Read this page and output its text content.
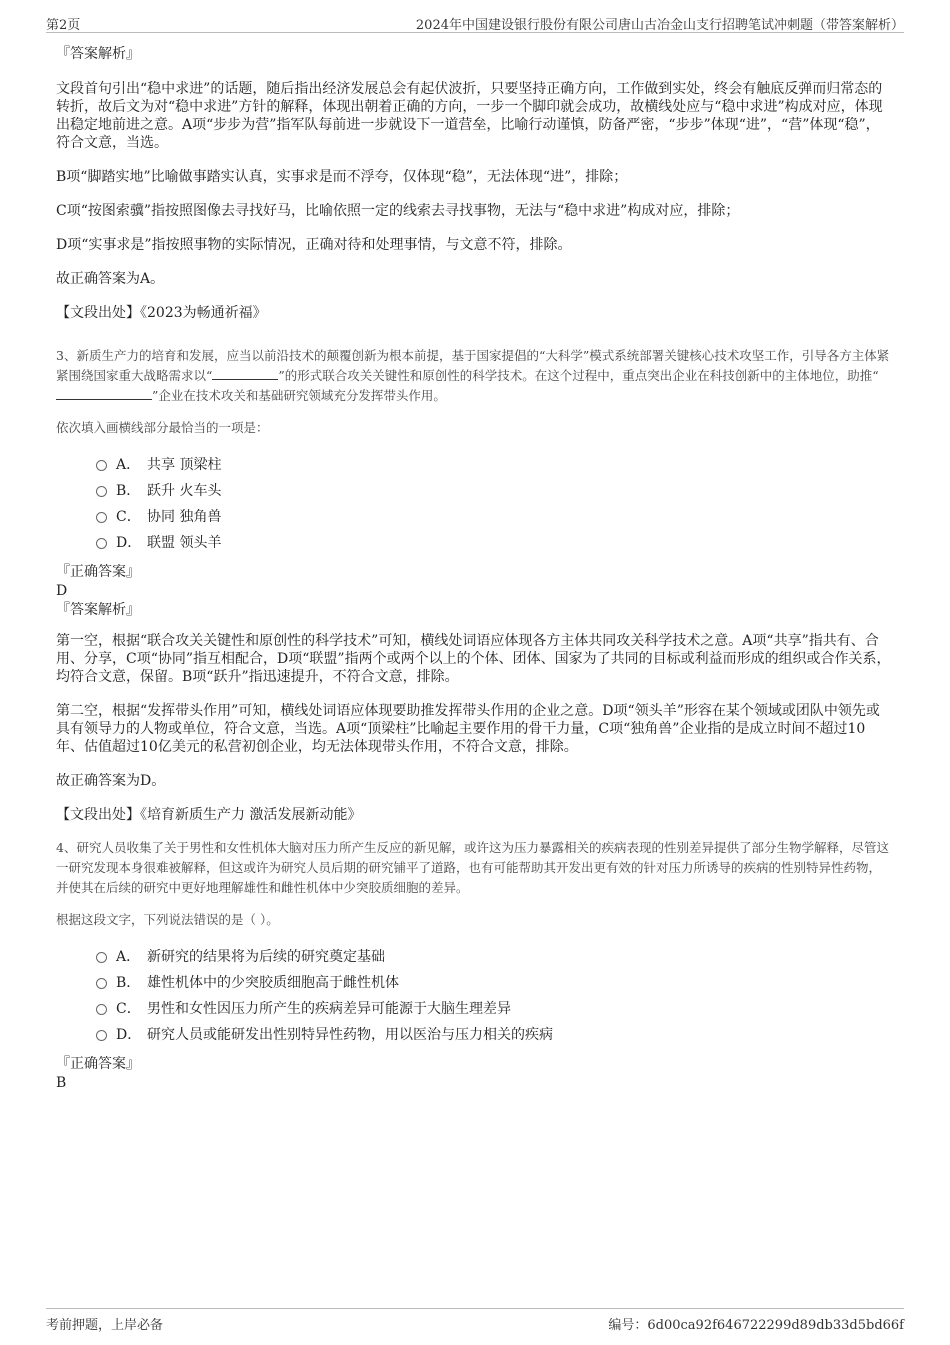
第2页	2024年中国建设银行股份有限公司唐山古冶金山支行招聘笔试冲刺题（带答案解析）
『答案解析』

文段首句引出“稳中求进”的话题，随后指出经济发展总会有起伏波折，只要坚持正确方向，工作做到实处，终会有触底反弹而归常态的转折，故后文为对“稳中求进”方针的解释，体现出朝着正确的方向，一步一个脚印就会成功，故横线处应与“稳中求进”构成对应，体现出稳定地前进之意。A项“步步为营”指军队每前进一步就设下一道营垒，比喻行动谨慎，防备严密，“步步”体现“进”，“营”体现“稳”，符合文意，当选。

B项“脚踏实地”比喻做事踏实认真，实事求是而不浮夸，仅体现“稳”，无法体现“进”，排除；

C项“按图索骥”指按照图像去寻找好马，比喻依照一定的线索去寻找事物，无法与“稳中求进”构成对应，排除；

D项“实事求是”指按照事物的实际情况，正确对待和处理事情，与文意不符，排除。

故正确答案为A。

【文段出处】《2023为畅通祈福》

3、新质生产力的培育和发展，应当以前沿技术的颠覆创新为根本前提，基于国家提倡的“大科学”模式系统部署关键核心技术攻坚工作，引导各方主体紧紧围绕国家重大战略需求以“	”的形式联合攻关关键性和原创性的科学技术。在这个过程中，重点突出企业在科技创新中的主体地位，助推“”企业在技术攻关和基础研究领域充分发挥带头作用。

依次填入画横线部分最恰当的一项是：

A． 共享 顶梁柱
B． 跃升 火车头
C． 协同 独角兽
D． 联盟 领头羊
『正确答案』
D
『答案解析』

第一空，根据“联合攻关关键性和原创性的科学技术”可知，横线处词语应体现各方主体共同攻关科学技术之意。A项“共享”指共有、合用、分享，C项“协同”指互相配合，D项“联盟”指两个或两个以上的个体、团体、国家为了共同的目标或利益而形成的组织或合作关系，均符合文意，保留。B项“跃升”指迅速提升，不符合文意，排除。

第二空，根据“发挥带头作用”可知，横线处词语应体现要助推发挥带头作用的企业之意。D项“领头羊”形容在某个领域或团队中领先或具有领导力的人物或单位，符合文意，当选。A项“顶梁柱”比喻起主要作用的骨干力量，C项“独角兽”企业指的是成立时间不超过10年、估值超过10亿美元的私营初创企业，均无法体现带头作用，不符合文意，排除。

故正确答案为D。

【文段出处】《培育新质生产力 激活发展新动能》

4、研究人员收集了关于男性和女性机体大脑对压力所产生反应的新见解，或许这为压力暴露相关的疾病表现的性别差异提供了部分生物学解释，尽管这一研究发现本身很难被解释，但这或许为研究人员后期的研究铺平了道路，也有可能帮助其开发出更有效的针对压力所诱导的疾病的性别特异性药物，并使其在后续的研究中更好地理解雄性和雌性机体中少突胶质细胞的差异。

根据这段文字，下列说法错误的是（ ）。

A． 新研究的结果将为后续的研究奠定基础
B． 雄性机体中的少突胶质细胞高于雌性机体
C． 男性和女性因压力所产生的疾病差异可能源于大脑生理差异
D． 研究人员或能研发出性别特异性药物，用以医治与压力相关的疾病
『正确答案』
B
考前押题，上岸必备	编号：6d00ca92f646722299d89db33d5bd66f
